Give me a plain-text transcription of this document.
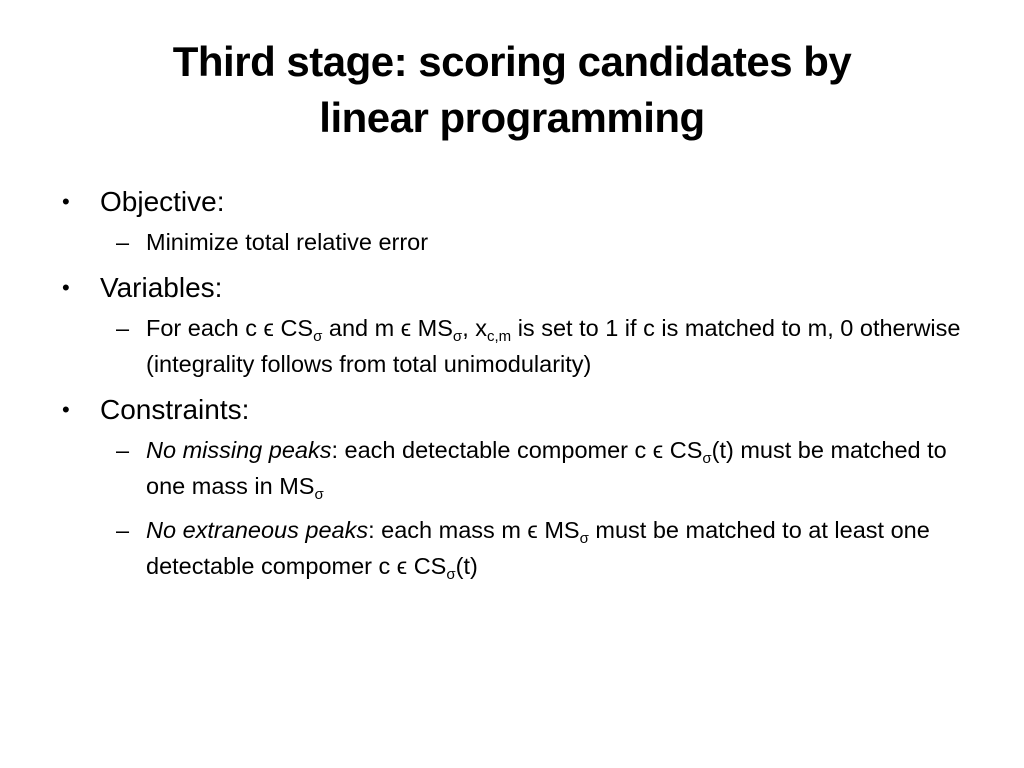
Third stage: scoring candidates by
linear programming
• Objective:
– Minimize total relative error
• Variables:
– For each c ϵ $CS_\sigma$ and m ϵ $MS_\sigma$, $x_{c,m}$ is set to 1 if c is matched to m, 0 otherwise (integrality follows from total unimodularity)
• Constraints:
– No missing peaks: each detectable compomer c ϵ $CS_\sigma(t)$ must be matched to one mass in $MS_\sigma$
– No extraneous peaks: each mass m ϵ $MS_\sigma$ must be matched to at least one detectable compomer c ϵ $CS_\sigma(t)$
